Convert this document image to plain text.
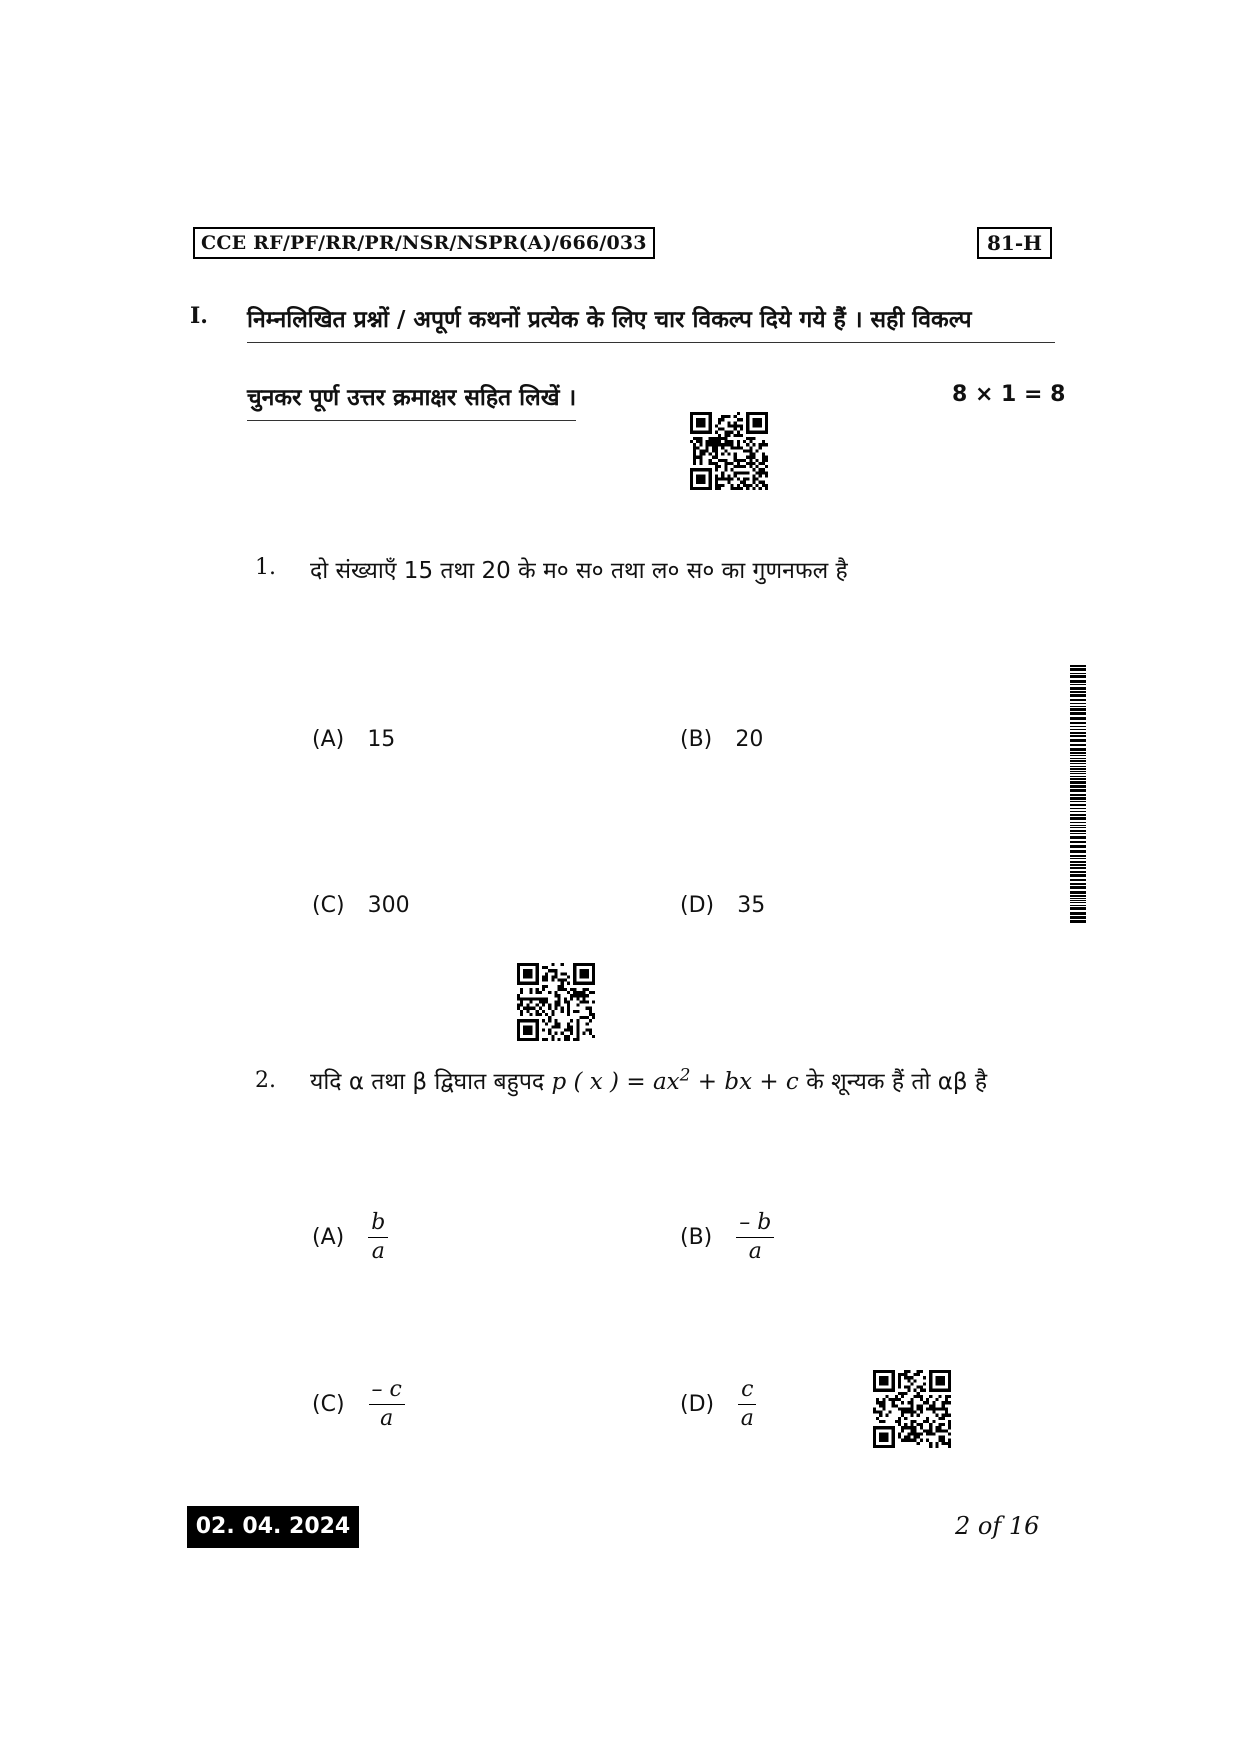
CCE RF/PF/RR/PR/NSR/NSPR(A)/666/033	81-H
I. निम्नलिखित प्रश्नों / अपूर्ण कथनों प्रत्येक के लिए चार विकल्प दिये गये हैं । सही विकल्प
चुनकर पूर्ण उत्तर क्रमाक्षर सहित लिखें ।	8 × 1 = 8
1. दो संख्याएँ 15 तथा 20 के म० स० तथा ल० स० का गुणनफल है
(A) 15	(B) 20
(C) 300	(D) 35
2. यदि α तथा β द्विघात बहुपद p ( x ) = $ax^2$ + bx + c के शून्यक हैं तो αβ है
$(A) \frac{b}{a}$	$(B) \frac{- b}{a}$
$(C) \frac{- c}{a}$	$(D) \frac{c}{a}$
02. 04. 2024	2 of 16
